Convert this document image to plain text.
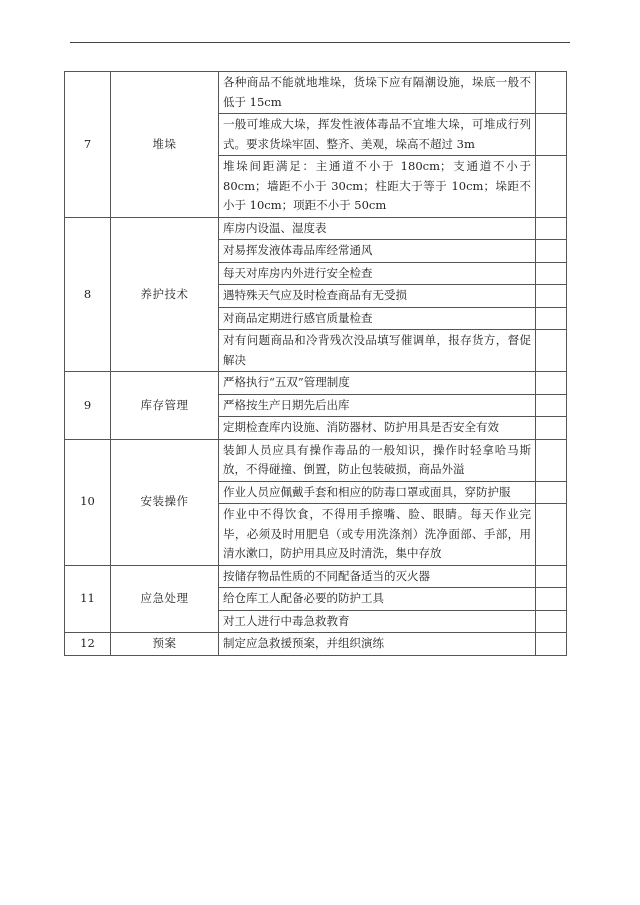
7	堆垛	各种商品不能就地堆垛，货垛下应有隔潮设施，垛底一般不低于 15cm	
		一般可堆成大垛，挥发性液体毒品不宜堆大垛，可堆成行列式。要求货垛牢固、整齐、美观，垛高不超过 3m	
		堆垛间距满足：主通道不小于 180cm；支通道不小于 80cm；墙距不小于 30cm；柱距大于等于 10cm；垛距不小于 10cm；项距不小于 50cm	
8	养护技术	库房内设温、湿度表	
		对易挥发液体毒品库经常通风	
		每天对库房内外进行安全检查	
		遇特殊天气应及时检查商品有无受损	
		对商品定期进行感官质量检查	
		对有问题商品和冷背残次没品填写催调单，报存货方，督促解决	
9	库存管理	严格执行“五双”管理制度	
		严格按生产日期先后出库	
		定期检查库内设施、消防器材、防护用具是否安全有效	
10	安装操作	装卸人员应具有操作毒品的一般知识，操作时轻拿哈马斯放，不得碰撞、倒置，防止包装破损，商品外溢	
		作业人员应佩戴手套和相应的防毒口罩或面具，穿防护服	
		作业中不得饮食，不得用手擦嘴、脸、眼睛。每天作业完毕，必须及时用肥皂（或专用洗涤剂）洗净面部、手部，用清水漱口，防护用具应及时清洗，集中存放	
11	应急处理	按储存物品性质的不同配备适当的灭火器	
		给仓库工人配备必要的防护工具	
		对工人进行中毒急救教育	
12	预案	制定应急救援预案，并组织演练	
